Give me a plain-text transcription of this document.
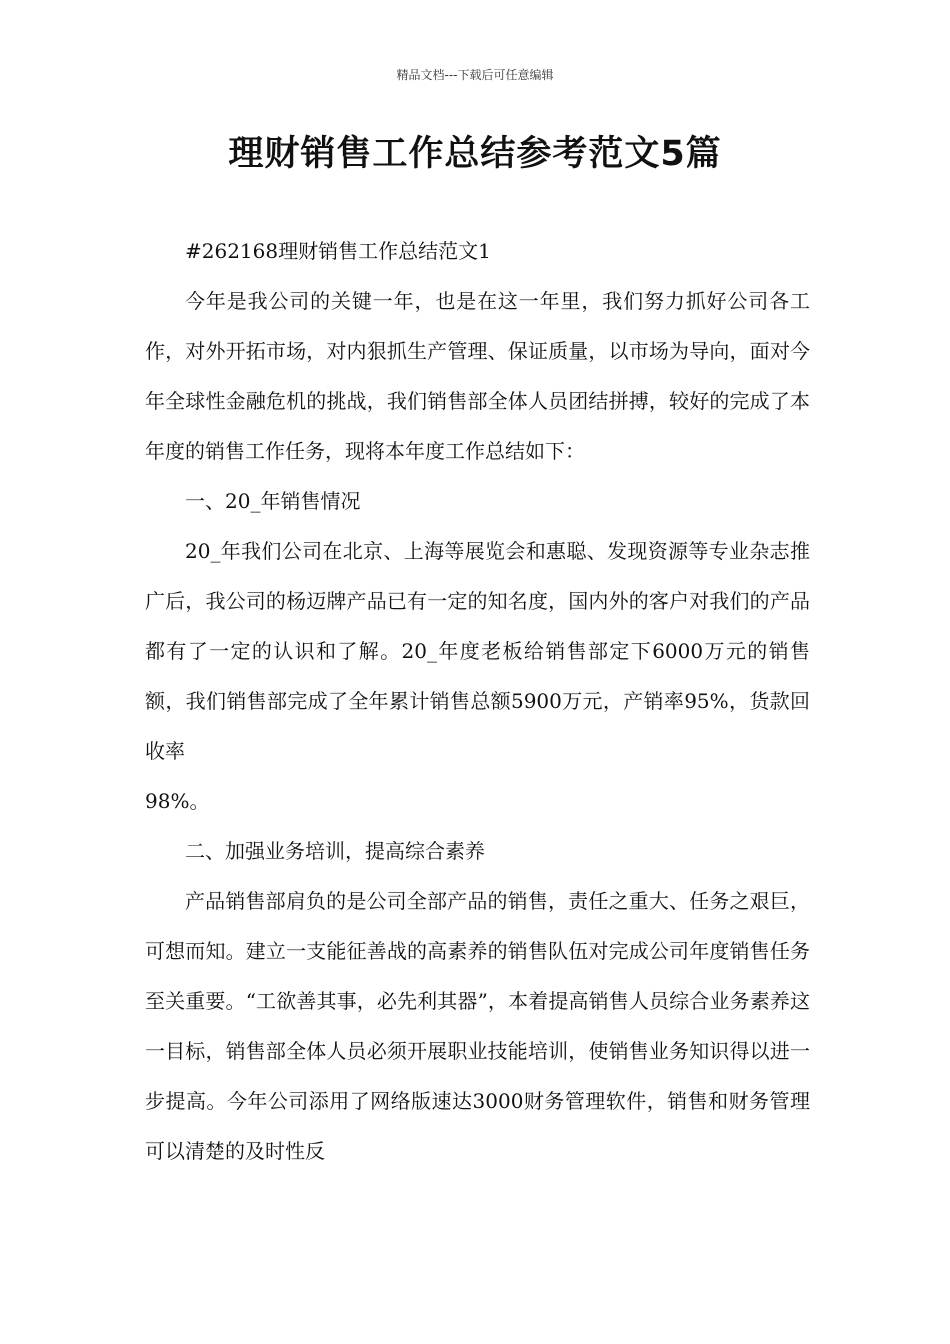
精品文档---下载后可任意编辑
理财销售工作总结参考范文5篇

#262168理财销售工作总结范文1

今年是我公司的关键一年，也是在这一年里，我们努力抓好公司各工作，对外开拓市场，对内狠抓生产管理、保证质量，以市场为导向，面对今年全球性金融危机的挑战，我们销售部全体人员团结拼搏，较好的完成了本年度的销售工作任务，现将本年度工作总结如下：

一、20_年销售情况

20_年我们公司在北京、上海等展览会和惠聪、发现资源等专业杂志推广后，我公司的杨迈牌产品已有一定的知名度，国内外的客户对我们的产品都有了一定的认识和了解。20_年度老板给销售部定下6000万元的销售额，我们销售部完成了全年累计销售总额5900万元，产销率95%，货款回收率

98%。

二、加强业务培训，提高综合素养

产品销售部肩负的是公司全部产品的销售，责任之重大、任务之艰巨，可想而知。建立一支能征善战的高素养的销售队伍对完成公司年度销售任务至关重要。“工欲善其事，必先利其器”，本着提高销售人员综合业务素养这一目标，销售部全体人员必须开展职业技能培训，使销售业务知识得以进一步提高。今年公司添用了网络版速达3000财务管理软件，销售和财务管理可以清楚的及时性反
